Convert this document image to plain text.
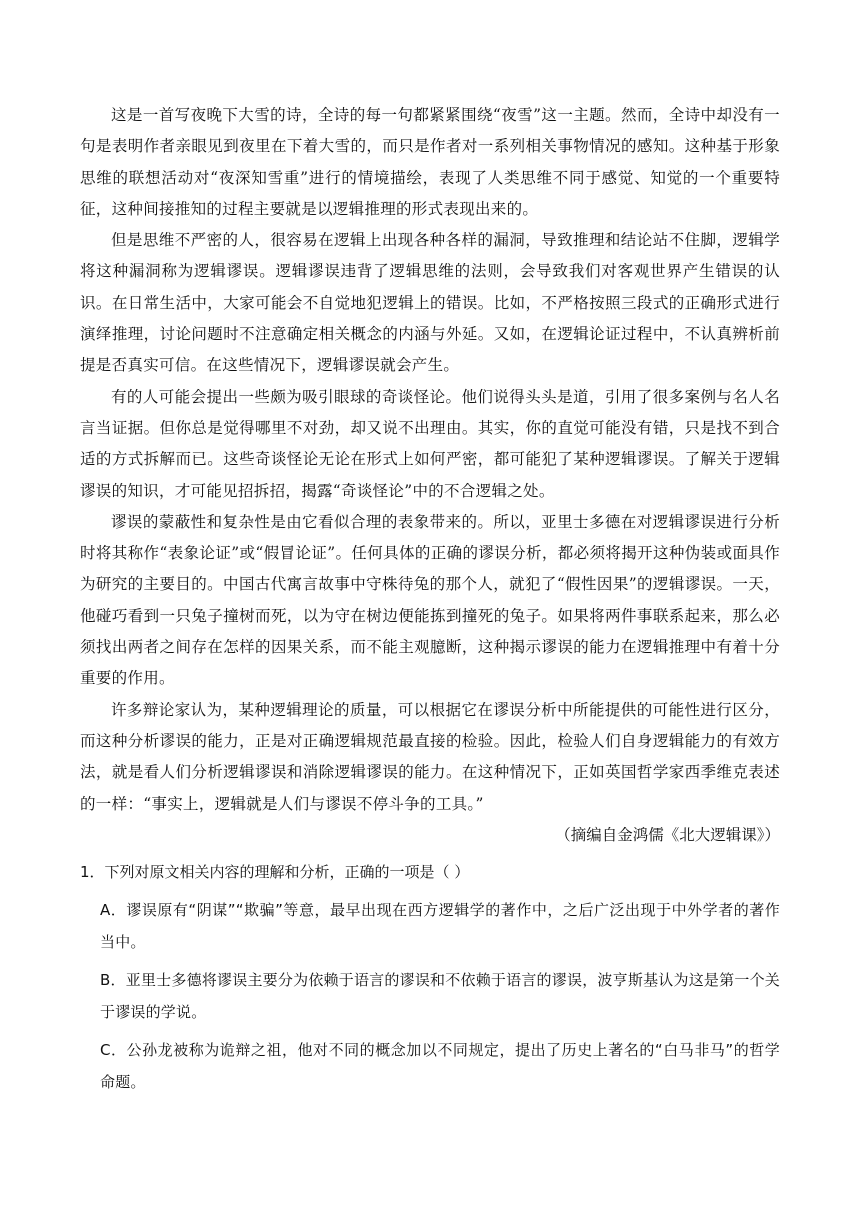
这是一首写夜晚下大雪的诗，全诗的每一句都紧紧围绕“夜雪”这一主题。然而，全诗中却没有一句是表明作者亲眼见到夜里在下着大雪的，而只是作者对一系列相关事物情况的感知。这种基于形象思维的联想活动对“夜深知雪重”进行的情境描绘，表现了人类思维不同于感觉、知觉的一个重要特征，这种间接推知的过程主要就是以逻辑推理的形式表现出来的。

但是思维不严密的人，很容易在逻辑上出现各种各样的漏洞，导致推理和结论站不住脚，逻辑学将这种漏洞称为逻辑谬误。逻辑谬误违背了逻辑思维的法则，会导致我们对客观世界产生错误的认识。在日常生活中，大家可能会不自觉地犯逻辑上的错误。比如，不严格按照三段式的正确形式进行演绎推理，讨论问题时不注意确定相关概念的内涵与外延。又如，在逻辑论证过程中，不认真辨析前提是否真实可信。在这些情况下，逻辑谬误就会产生。

有的人可能会提出一些颇为吸引眼球的奇谈怪论。他们说得头头是道，引用了很多案例与名人名言当证据。但你总是觉得哪里不对劲，却又说不出理由。其实，你的直觉可能没有错，只是找不到合适的方式拆解而已。这些奇谈怪论无论在形式上如何严密，都可能犯了某种逻辑谬误。了解关于逻辑谬误的知识，才可能见招拆招，揭露“奇谈怪论”中的不合逻辑之处。

谬误的蒙蔽性和复杂性是由它看似合理的表象带来的。所以，亚里士多德在对逻辑谬误进行分析时将其称作“表象论证”或“假冒论证”。任何具体的正确的谬误分析，都必须将揭开这种伪装或面具作为研究的主要目的。中国古代寓言故事中守株待兔的那个人，就犯了“假性因果”的逻辑谬误。一天，他碰巧看到一只兔子撞树而死，以为守在树边便能拣到撞死的兔子。如果将两件事联系起来，那么必须找出两者之间存在怎样的因果关系，而不能主观臆断，这种揭示谬误的能力在逻辑推理中有着十分重要的作用。

许多辩论家认为，某种逻辑理论的质量，可以根据它在谬误分析中所能提供的可能性进行区分，而这种分析谬误的能力，正是对正确逻辑规范最直接的检验。因此，检验人们自身逻辑能力的有效方法，就是看人们分析逻辑谬误和消除逻辑谬误的能力。在这种情况下，正如英国哲学家西季维克表述的一样：“事实上，逻辑就是人们与谬误不停斗争的工具。”

（摘编自金鸿儒《北大逻辑课》）

1．下列对原文相关内容的理解和分析，正确的一项是（ ）

A．谬误原有“阴谋”“欺骗”等意，最早出现在西方逻辑学的著作中，之后广泛出现于中外学者的著作当中。

B．亚里士多德将谬误主要分为依赖于语言的谬误和不依赖于语言的谬误，波亨斯基认为这是第一个关于谬误的学说。

C．公孙龙被称为诡辩之祖，他对不同的概念加以不同规定，提出了历史上著名的“白马非马”的哲学命题。
